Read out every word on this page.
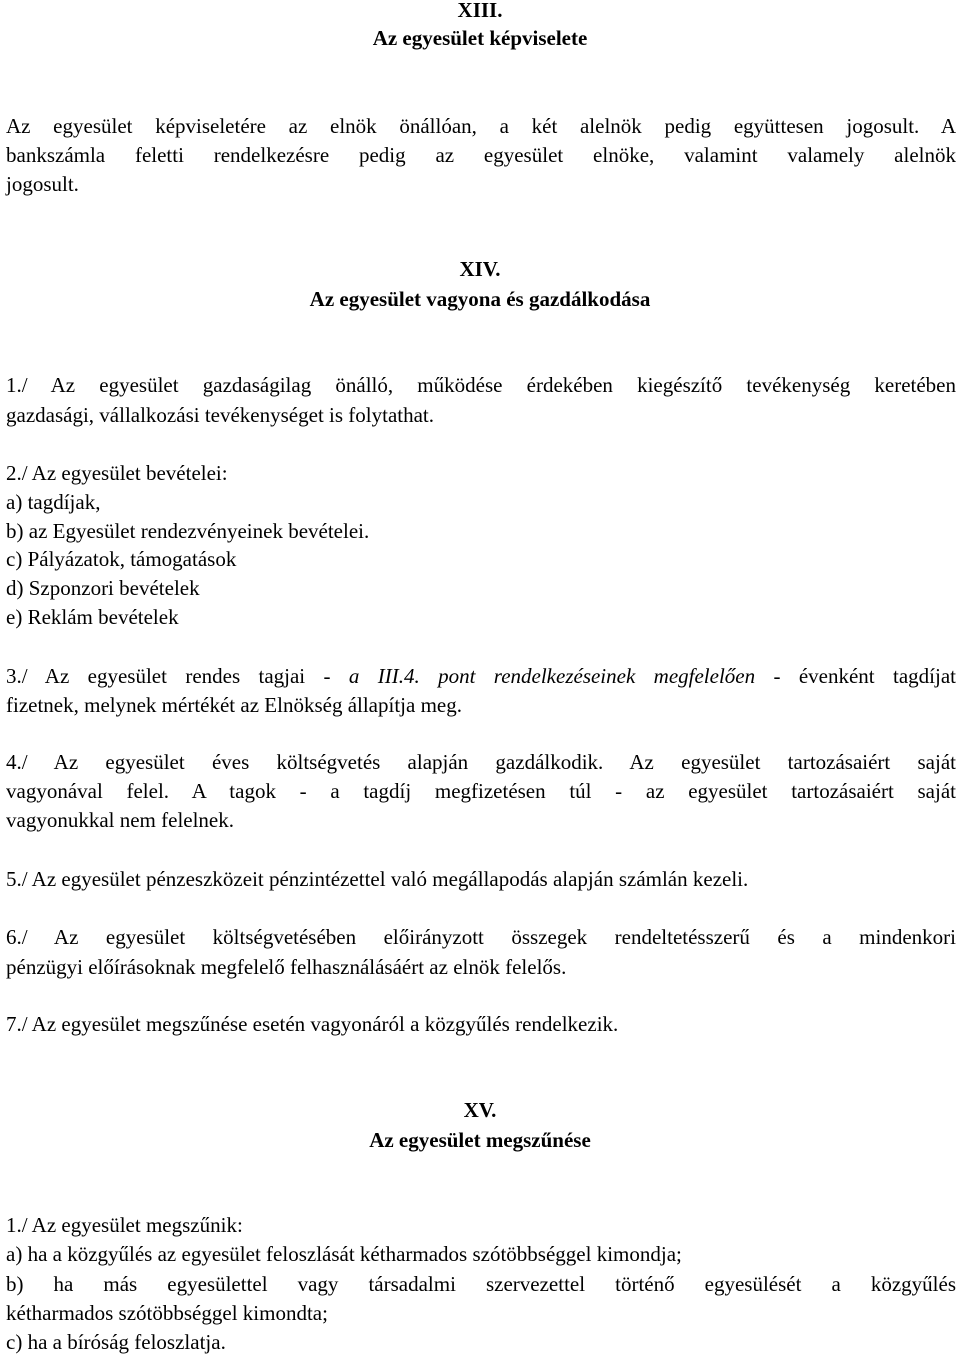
XIII.
Az egyesület képviselete
Az egyesület képviseletére az elnök önállóan, a két alelnök pedig együttesen jogosult. A
bankszámla feletti rendelkezésre pedig az egyesület elnöke, valamint valamely alelnök
jogosult.
XIV.
Az egyesület vagyona és gazdálkodása
1./ Az egyesület gazdaságilag önálló, működése érdekében kiegészítő tevékenység keretében
gazdasági, vállalkozási tevékenységet is folytathat.
2./ Az egyesület bevételei:
a) tagdíjak,
b) az Egyesület rendezvényeinek bevételei.
c) Pályázatok, támogatások
d) Szponzori bevételek
e) Reklám bevételek
3./ Az egyesület rendes tagjai - a III.4. pont rendelkezéseinek megfelelően - évenként tagdíjat
fizetnek, melynek mértékét az Elnökség állapítja meg.
4./ Az egyesület éves költségvetés alapján gazdálkodik. Az egyesület tartozásaiért saját
vagyonával felel. A tagok - a tagdíj megfizetésen túl - az egyesület tartozásaiért saját
vagyonukkal nem felelnek.
5./ Az egyesület pénzeszközeit pénzintézettel való megállapodás alapján számlán kezeli.
6./ Az egyesület költségvetésében előirányzott összegek rendeltetésszerű és a mindenkori
pénzügyi előírásoknak megfelelő felhasználásáért az elnök felelős.
7./ Az egyesület megszűnése esetén vagyonáról a közgyűlés rendelkezik.
XV.
Az egyesület megszűnése
1./ Az egyesület megszűnik:
a) ha a közgyűlés az egyesület feloszlását kétharmados szótöbbséggel kimondja;
b) ha más egyesülettel vagy társadalmi szervezettel történő egyesülését a közgyűlés
kétharmados szótöbbséggel kimondta;
c) ha a bíróság feloszlatja.
